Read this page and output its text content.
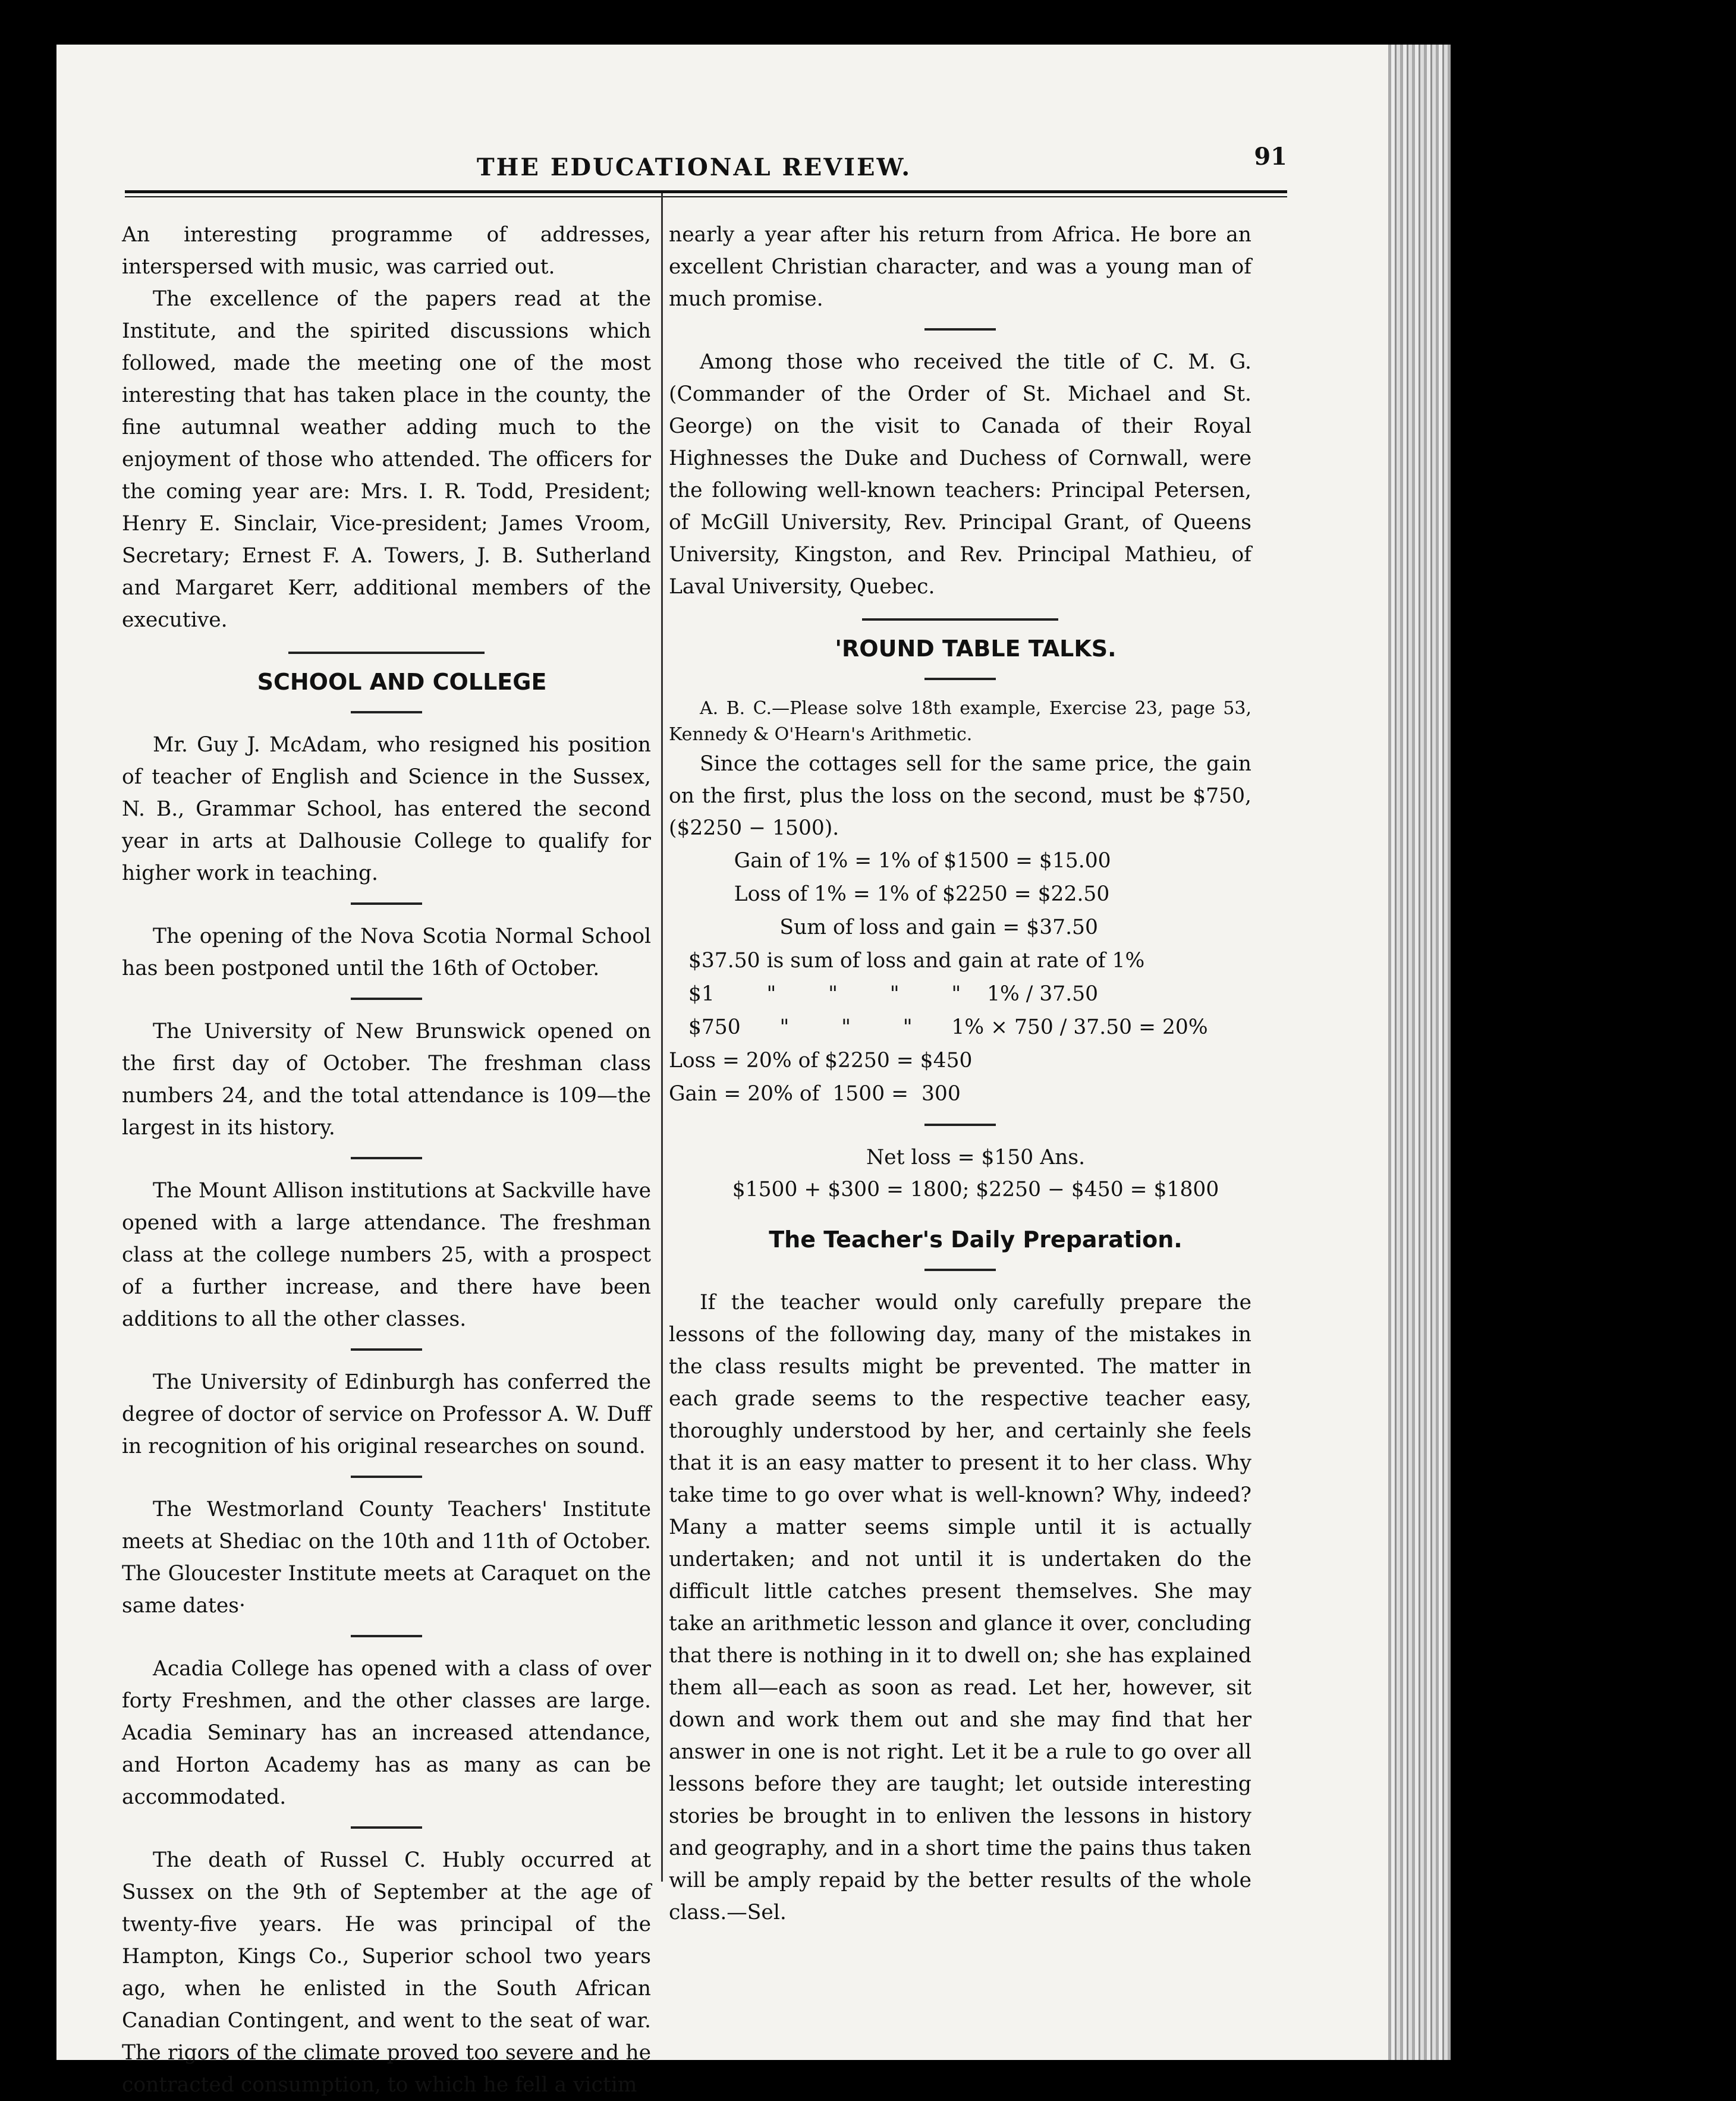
THE EDUCATIONAL REVIEW.	91

An interesting programme of addresses, interspersed with music, was carried out.

The excellence of the papers read at the Institute, and the spirited discussions which followed, made the meeting one of the most interesting that has taken place in the county, the fine autumnal weather adding much to the enjoyment of those who attended. The officers for the coming year are: Mrs. I. R. Todd, President; Henry E. Sinclair, Vice-president; James Vroom, Secretary; Ernest F. A. Towers, J. B. Sutherland and Margaret Kerr, additional members of the executive.

SCHOOL AND COLLEGE

Mr. Guy J. McAdam, who resigned his position of teacher of English and Science in the Sussex, N. B., Grammar School, has entered the second year in arts at Dalhousie College to qualify for higher work in teaching.

The opening of the Nova Scotia Normal School has been postponed until the 16th of October.

The University of New Brunswick opened on the first day of October. The freshman class numbers 24, and the total attendance is 109—the largest in its history.

The Mount Allison institutions at Sackville have opened with a large attendance. The freshman class at the college numbers 25, with a prospect of a further increase, and there have been additions to all the other classes.

The University of Edinburgh has conferred the degree of doctor of service on Professor A. W. Duff in recognition of his original researches on sound.

The Westmorland County Teachers' Institute meets at Shediac on the 10th and 11th of October. The Gloucester Institute meets at Caraquet on the same dates·

Acadia College has opened with a class of over forty Freshmen, and the other classes are large. Acadia Seminary has an increased attendance, and Horton Academy has as many as can be accommodated.

The death of Russel C. Hubly occurred at Sussex on the 9th of September at the age of twenty-five years. He was principal of the Hampton, Kings Co., Superior school two years ago, when he enlisted in the South African Canadian Contingent, and went to the seat of war. The rigors of the climate proved too severe and he contracted consumption, to which he fell a victim

nearly a year after his return from Africa. He bore an excellent Christian character, and was a young man of much promise.

Among those who received the title of C. M. G. (Commander of the Order of St. Michael and St. George) on the visit to Canada of their Royal Highnesses the Duke and Duchess of Cornwall, were the following well-known teachers: Principal Petersen, of McGill University, Rev. Principal Grant, of Queens University, Kingston, and Rev. Principal Mathieu, of Laval University, Quebec.

'ROUND TABLE TALKS.

A. B. C.—Please solve 18th example, Exercise 23, page 53, Kennedy & O'Hearn's Arithmetic.

Since the cottages sell for the same price, the gain on the first, plus the loss on the second, must be $750, ($2250 − 1500).

Gain of 1% = 1% of $1500 = $15.00
Loss of 1% = 1% of $2250 = $22.50
Sum of loss and gain = $37.50
$37.50 is sum of loss and gain at rate of 1%
$1        "        "        "        "    1% / 37.50
$750      "        "        "      1% × 750 / 37.50 = 20%
Loss = 20% of $2250 = $450
Gain = 20% of  1500 =  300

Net loss = $150 Ans.

$1500 + $300 = 1800; $2250 − $450 = $1800

The Teacher's Daily Preparation.

If the teacher would only carefully prepare the lessons of the following day, many of the mistakes in the class results might be prevented. The matter in each grade seems to the respective teacher easy, thoroughly understood by her, and certainly she feels that it is an easy matter to present it to her class. Why take time to go over what is well-known? Why, indeed? Many a matter seems simple until it is actually undertaken; and not until it is undertaken do the difficult little catches present themselves. She may take an arithmetic lesson and glance it over, concluding that there is nothing in it to dwell on; she has explained them all—each as soon as read. Let her, however, sit down and work them out and she may find that her answer in one is not right. Let it be a rule to go over all lessons before they are taught; let outside interesting stories be brought in to enliven the lessons in history and geography, and in a short time the pains thus taken will be amply repaid by the better results of the whole class.—Sel.
